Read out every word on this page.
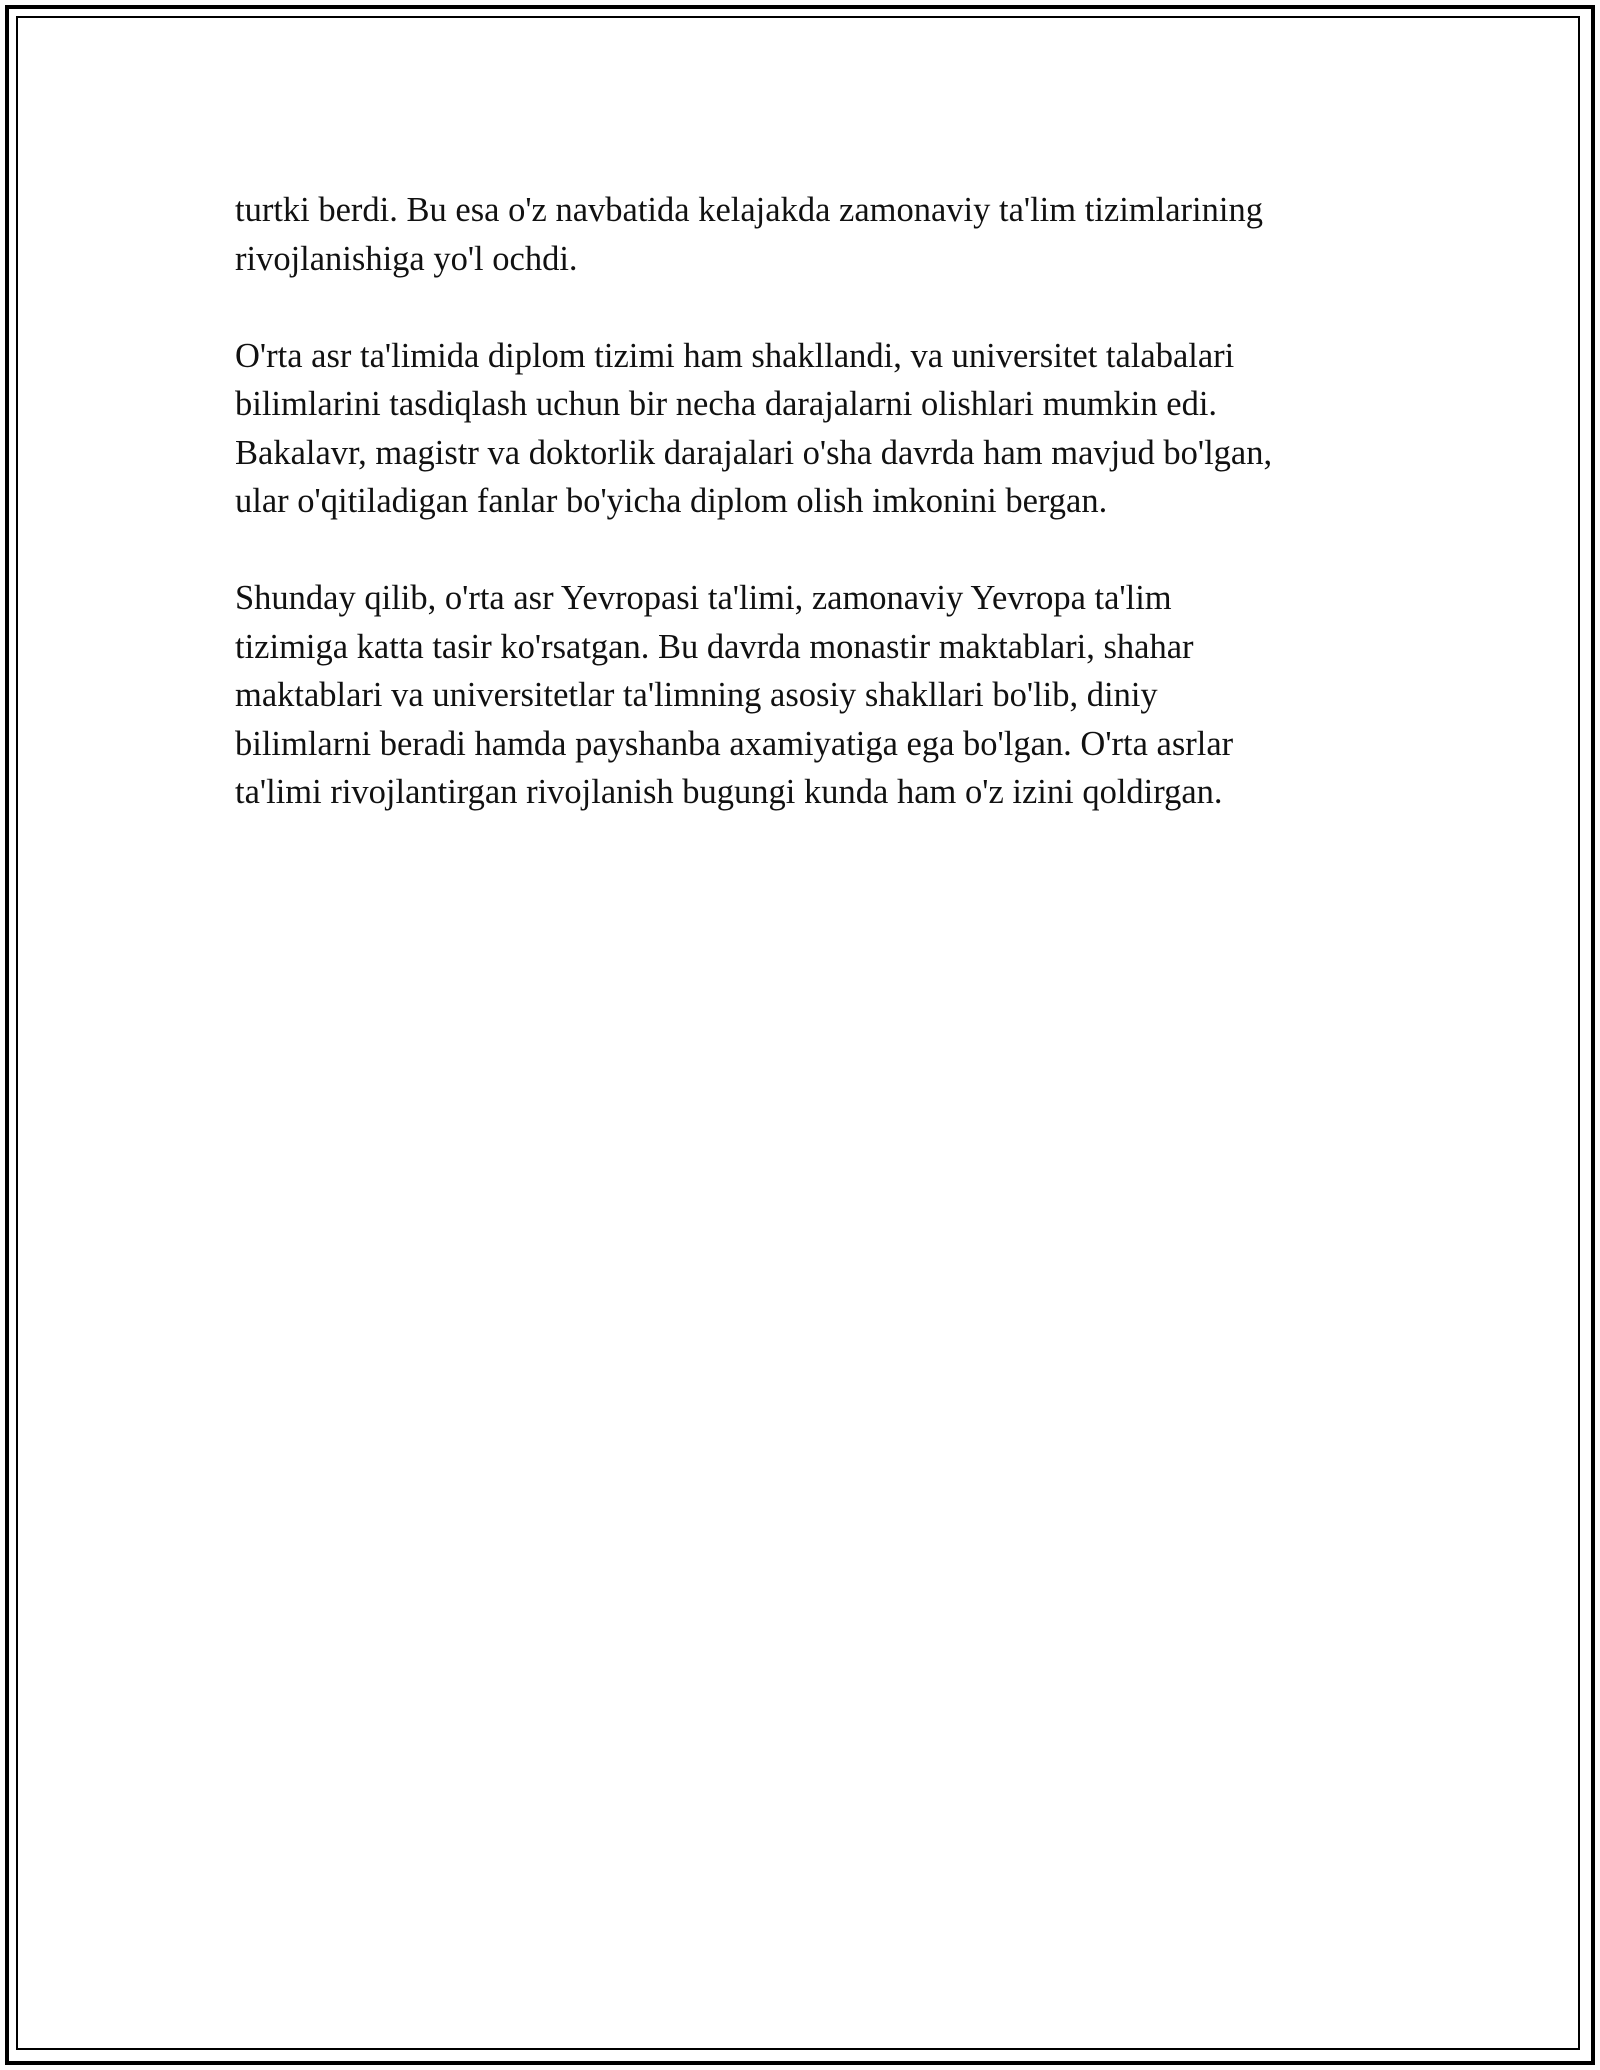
turtki berdi. Bu esa o'z navbatida kelajakda zamonaviy ta'lim tizimlarining
rivojlanishiga yo'l ochdi.

O'rta asr ta'limida diplom tizimi ham shakllandi, va universitet talabalari
bilimlarini tasdiqlash uchun bir necha darajalarni olishlari mumkin edi.
Bakalavr, magistr va doktorlik darajalari o'sha davrda ham mavjud bo'lgan,
ular o'qitiladigan fanlar bo'yicha diplom olish imkonini bergan.

Shunday qilib, o'rta asr Yevropasi ta'limi, zamonaviy Yevropa ta'lim
tizimiga katta tasir ko'rsatgan. Bu davrda monastir maktablari, shahar
maktablari va universitetlar ta'limning asosiy shakllari bo'lib, diniy
bilimlarni beradi hamda payshanba axamiyatiga ega bo'lgan. O'rta asrlar
ta'limi rivojlantirgan rivojlanish bugungi kunda ham o'z izini qoldirgan.
